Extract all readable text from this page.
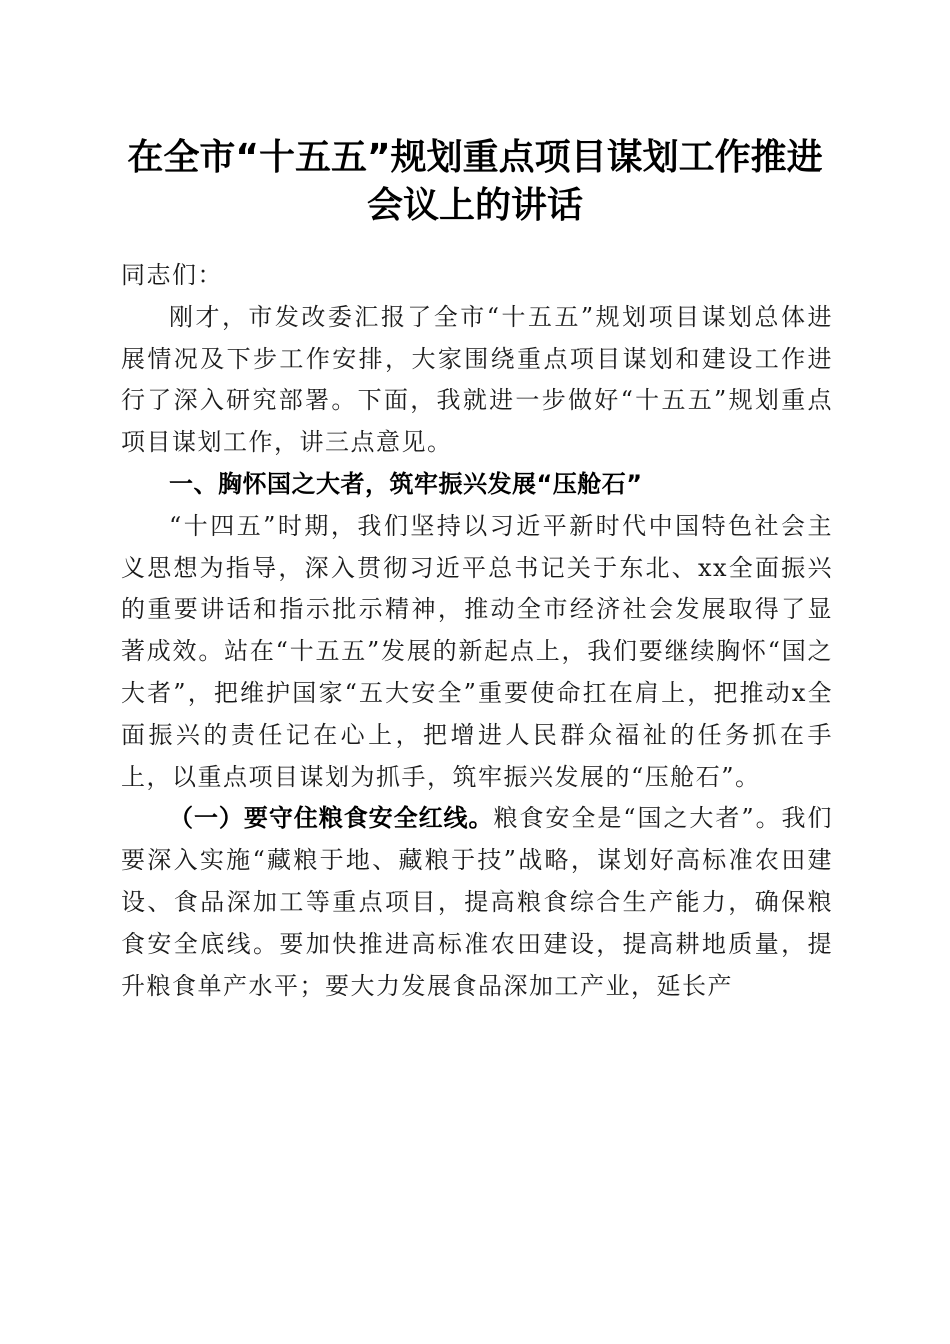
在全市“十五五”规划重点项目谋划工作推进
会议上的讲话

同志们：

刚才，市发改委汇报了全市“十五五”规划项目谋划总体进展情况及下步工作安排，大家围绕重点项目谋划和建设工作进行了深入研究部署。下面，我就进一步做好“十五五”规划重点项目谋划工作，讲三点意见。

一、胸怀国之大者，筑牢振兴发展“压舱石”

“十四五”时期，我们坚持以习近平新时代中国特色社会主义思想为指导，深入贯彻习近平总书记关于东北、xx全面振兴的重要讲话和指示批示精神，推动全市经济社会发展取得了显著成效。站在“十五五”发展的新起点上，我们要继续胸怀“国之大者”，把维护国家“五大安全”重要使命扛在肩上，把推动x全面振兴的责任记在心上，把增进人民群众福祉的任务抓在手上，以重点项目谋划为抓手，筑牢振兴发展的“压舱石”。

（一）要守住粮食安全红线。粮食安全是“国之大者”。我们要深入实施“藏粮于地、藏粮于技”战略，谋划好高标准农田建设、食品深加工等重点项目，提高粮食综合生产能力，确保粮食安全底线。要加快推进高标准农田建设，提高耕地质量，提升粮食单产水平；要大力发展食品深加工产业，延长产
